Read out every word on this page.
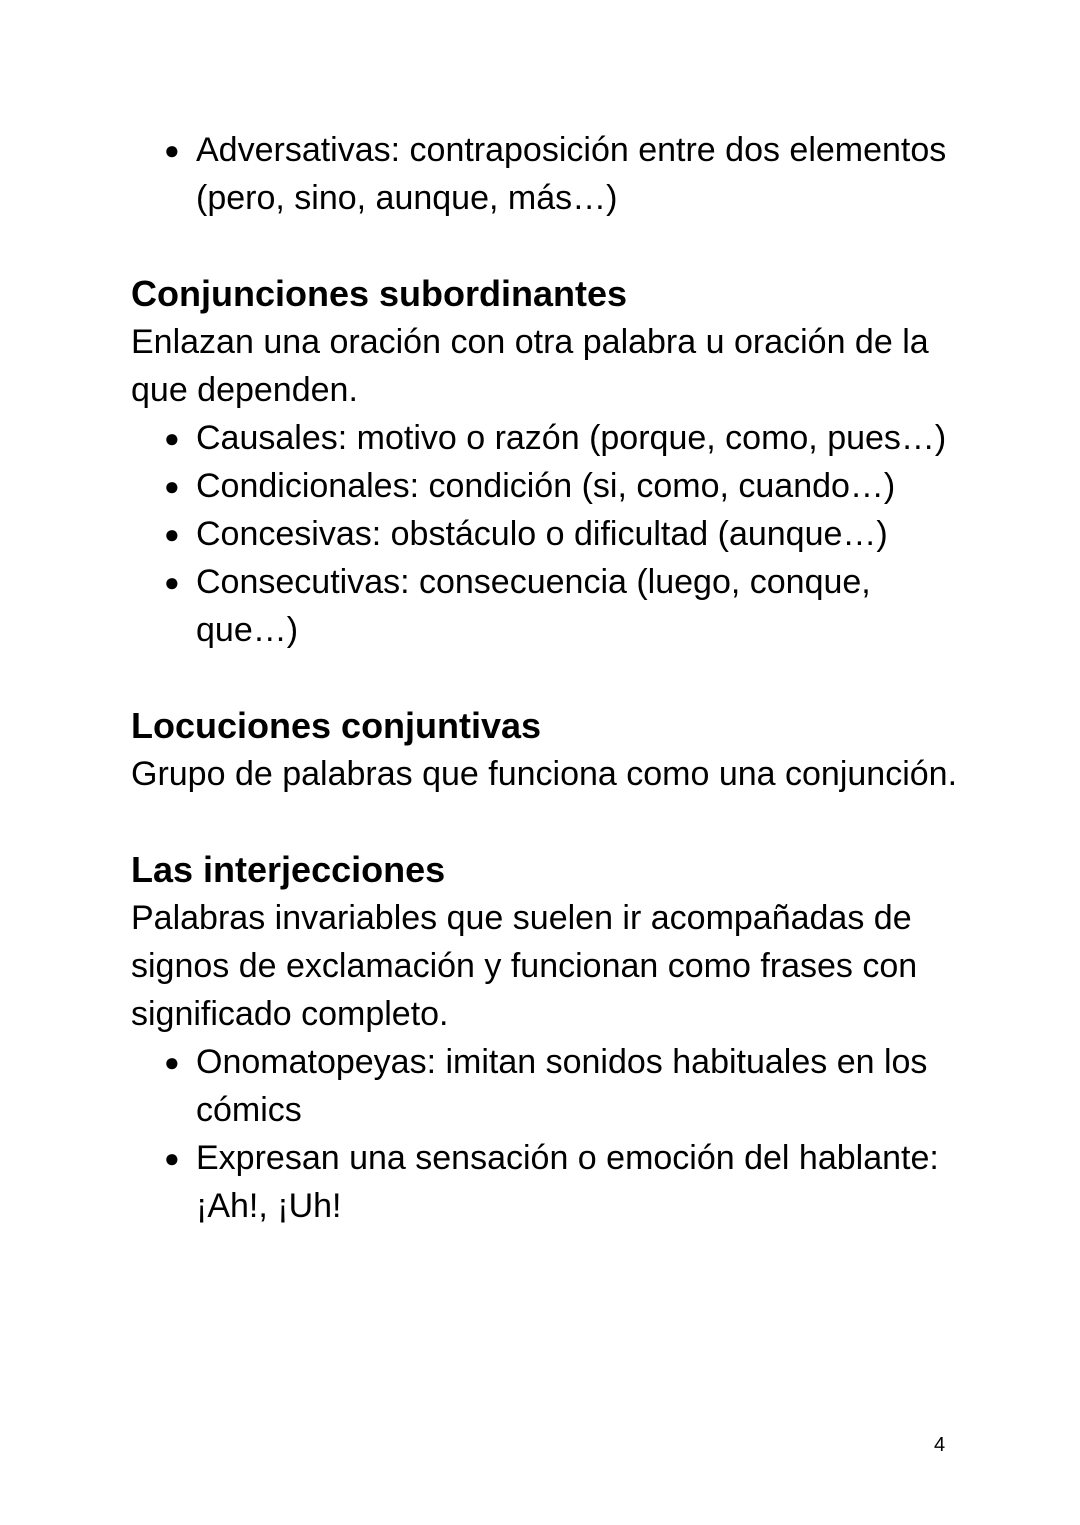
● Adversativas: contraposición entre dos elementos (pero, sino, aunque, más…)
Conjunciones subordinantes

Enlazan una oración con otra palabra u oración de la que dependen.

● Causales: motivo o razón (porque, como, pues…)
● Condicionales: condición (si, como, cuando…)
● Concesivas: obstáculo o dificultad (aunque…)
● Consecutivas: consecuencia (luego, conque, que…)
Locuciones conjuntivas

Grupo de palabras que funciona como una conjunción.

Las interjecciones

Palabras invariables que suelen ir acompañadas de signos de exclamación y funcionan como frases con significado completo.

● Onomatopeyas: imitan sonidos habituales en los cómics
● Expresan una sensación o emoción del hablante: ¡Ah!, ¡Uh!
4
